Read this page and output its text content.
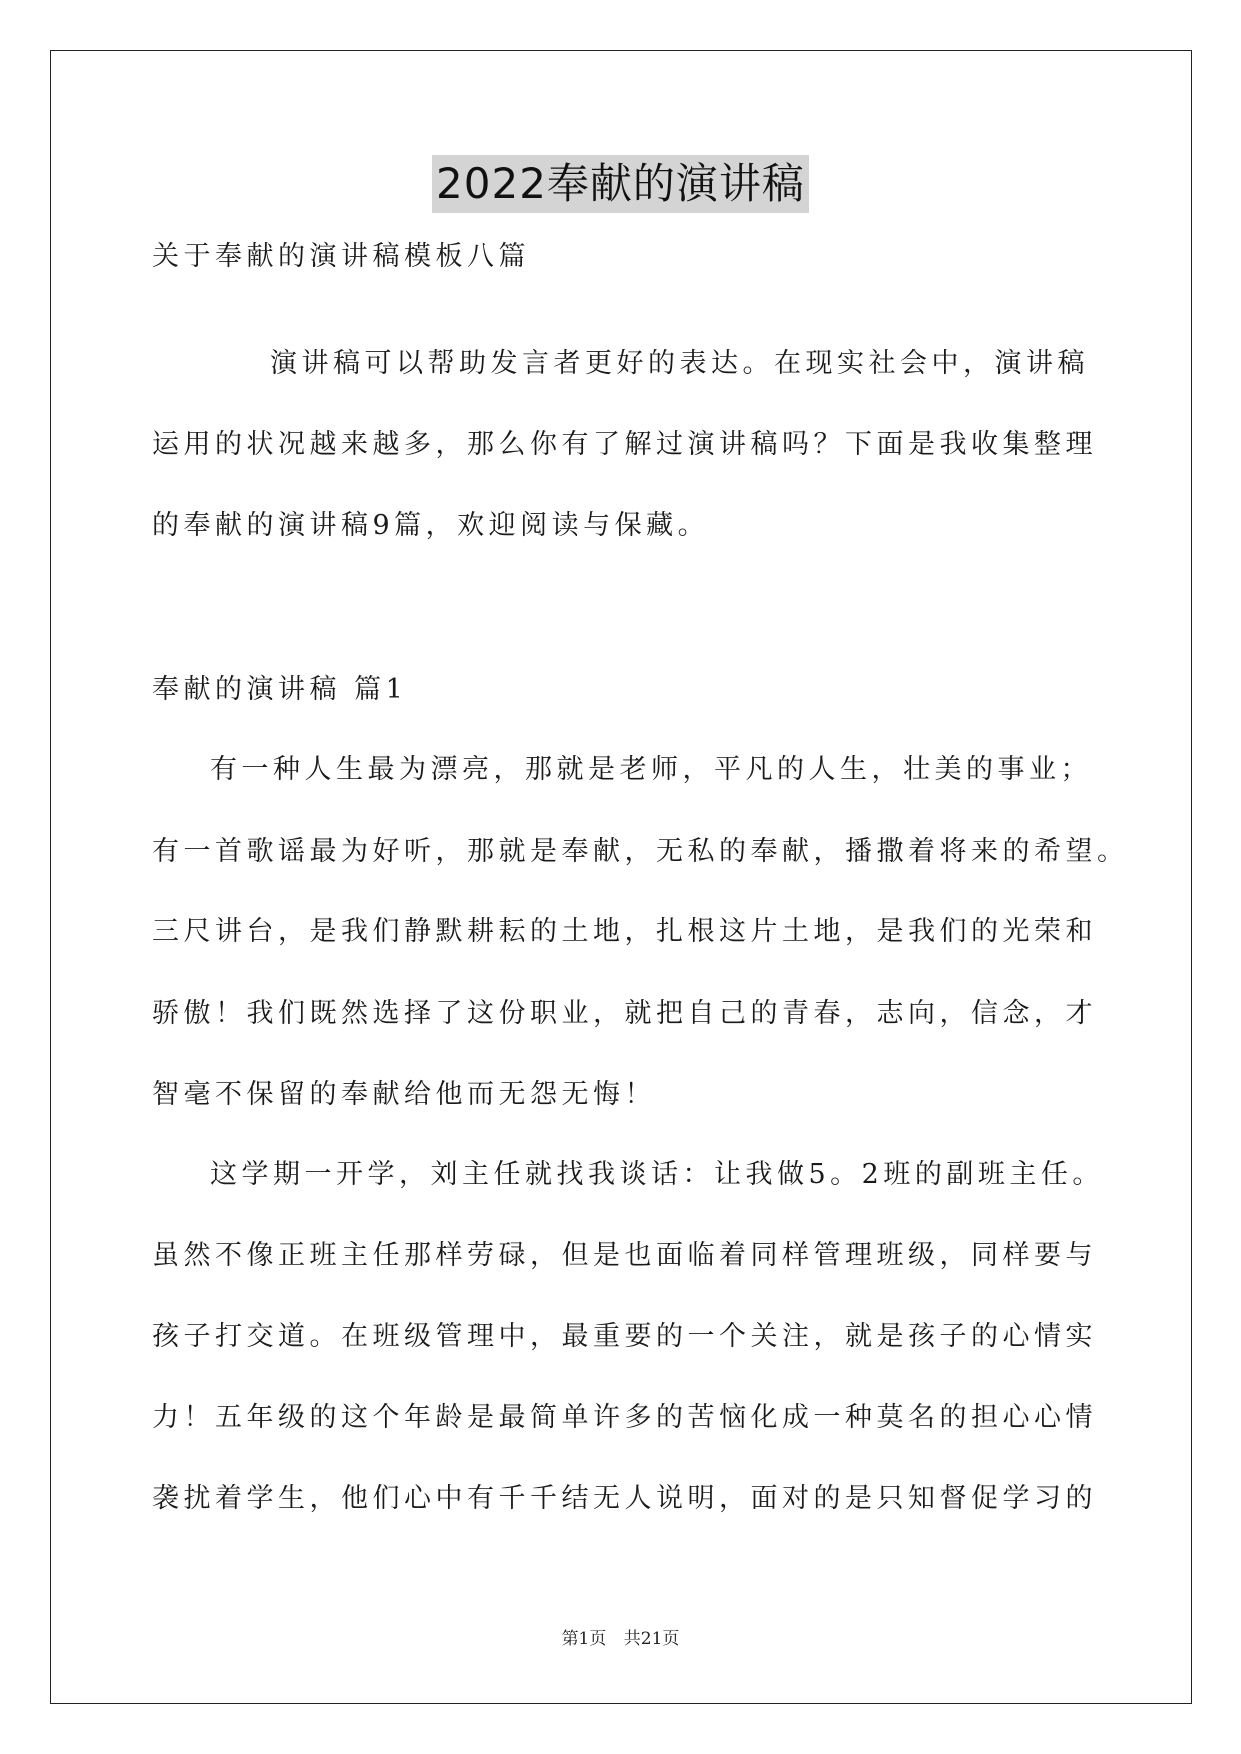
2022奉献的演讲稿
关于奉献的演讲稿模板八篇
演讲稿可以帮助发言者更好的表达。在现实社会中，演讲稿
运用的状况越来越多，那么你有了解过演讲稿吗？下面是我收集整理
的奉献的演讲稿9篇，欢迎阅读与保藏。
奉献的演讲稿 篇1
有一种人生最为漂亮，那就是老师，平凡的人生，壮美的事业；
有一首歌谣最为好听，那就是奉献，无私的奉献，播撒着将来的希望。
三尺讲台，是我们静默耕耘的土地，扎根这片土地，是我们的光荣和
骄傲！我们既然选择了这份职业，就把自己的青春，志向，信念，才
智毫不保留的奉献给他而无怨无悔！
这学期一开学，刘主任就找我谈话：让我做5。2班的副班主任。
虽然不像正班主任那样劳碌，但是也面临着同样管理班级，同样要与
孩子打交道。在班级管理中，最重要的一个关注，就是孩子的心情实
力！五年级的这个年龄是最简单许多的苦恼化成一种莫名的担心心情
袭扰着学生，他们心中有千千结无人说明，面对的是只知督促学习的
第1页 共21页
